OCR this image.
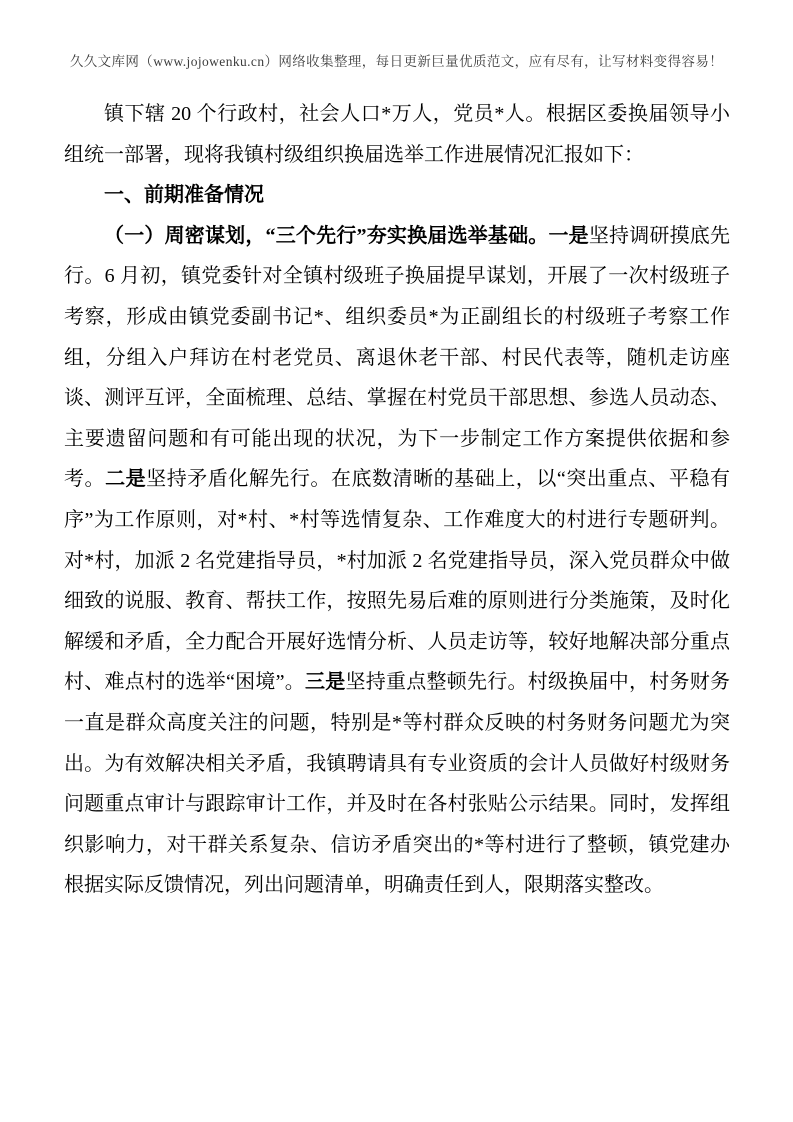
久久文库网（www.jojowenku.cn）网络收集整理，每日更新巨量优质范文，应有尽有，让写材料变得容易！

镇下辖 20 个行政村，社会人口*万人，党员*人。根据区委换届领导小组统一部署，现将我镇村级组织换届选举工作进展情况汇报如下：

一、前期准备情况

（一）周密谋划，“三个先行”夯实换届选举基础。一是坚持调研摸底先行。6 月初，镇党委针对全镇村级班子换届提早谋划，开展了一次村级班子考察，形成由镇党委副书记*、组织委员*为正副组长的村级班子考察工作组，分组入户拜访在村老党员、离退休老干部、村民代表等，随机走访座谈、测评互评，全面梳理、总结、掌握在村党员干部思想、参选人员动态、主要遗留问题和有可能出现的状况，为下一步制定工作方案提供依据和参考。二是坚持矛盾化解先行。在底数清晰的基础上，以“突出重点、平稳有序”为工作原则，对*村、*村等选情复杂、工作难度大的村进行专题研判。对*村，加派 2 名党建指导员，*村加派 2 名党建指导员，深入党员群众中做细致的说服、教育、帮扶工作，按照先易后难的原则进行分类施策，及时化解缓和矛盾，全力配合开展好选情分析、人员走访等，较好地解决部分重点村、难点村的选举“困境”。三是坚持重点整顿先行。村级换届中，村务财务一直是群众高度关注的问题，特别是*等村群众反映的村务财务问题尤为突出。为有效解决相关矛盾，我镇聘请具有专业资质的会计人员做好村级财务问题重点审计与跟踪审计工作，并及时在各村张贴公示结果。同时，发挥组织影响力，对干群关系复杂、信访矛盾突出的*等村进行了整顿，镇党建办根据实际反馈情况，列出问题清单，明确责任到人，限期落实整改。
